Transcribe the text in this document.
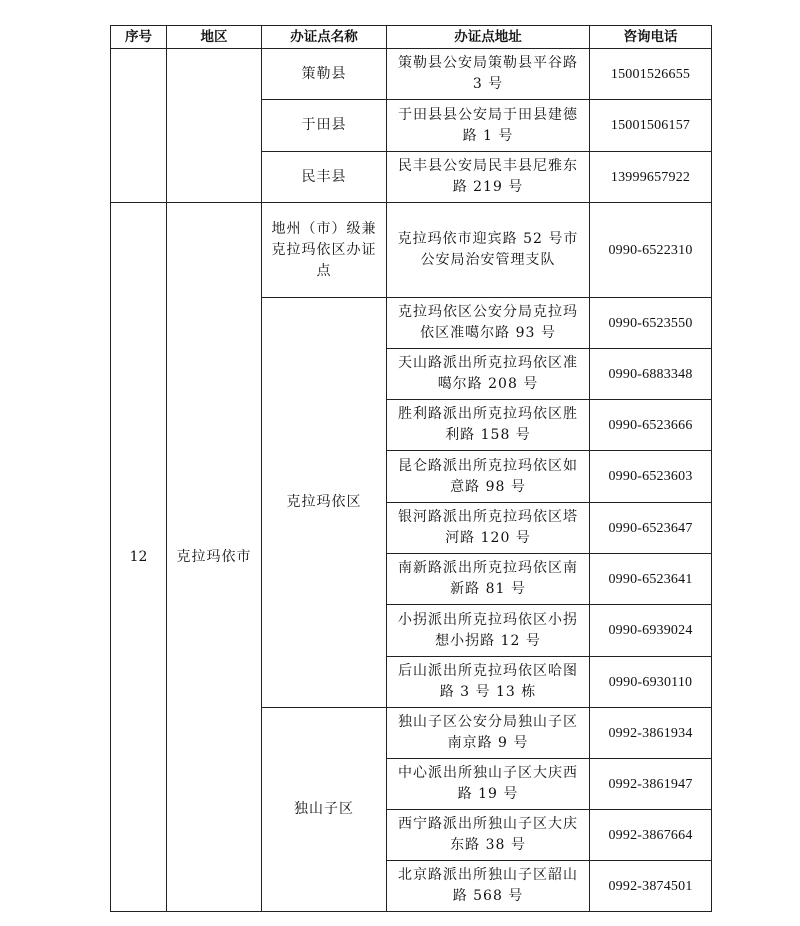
序号	地区	办证点名称	办证点地址	咨询电话
		策勒县	策勒县公安局策勒县平谷路 3 号	15001526655
		于田县	于田县县公安局于田县建德路 1 号	15001506157
		民丰县	民丰县公安局民丰县尼雅东路 219 号	13999657922
12	克拉玛依市	地州（市）级兼克拉玛依区办证点	克拉玛依市迎宾路 52 号市公安局治安管理支队	0990-6522310
		克拉玛依区	克拉玛依区公安分局克拉玛依区准噶尔路 93 号	0990-6523550
			天山路派出所克拉玛依区准噶尔路 208 号	0990-6883348
			胜利路派出所克拉玛依区胜利路 158 号	0990-6523666
			昆仑路派出所克拉玛依区如意路 98 号	0990-6523603
			银河路派出所克拉玛依区塔河路 120 号	0990-6523647
			南新路派出所克拉玛依区南新路 81 号	0990-6523641
			小拐派出所克拉玛依区小拐想小拐路 12 号	0990-6939024
			后山派出所克拉玛依区哈图路 3 号 13 栋	0990-6930110
		独山子区	独山子区公安分局独山子区南京路 9 号	0992-3861934
			中心派出所独山子区大庆西路 19 号	0992-3861947
			西宁路派出所独山子区大庆东路 38 号	0992-3867664
			北京路派出所独山子区韶山路 568 号	0992-3874501
